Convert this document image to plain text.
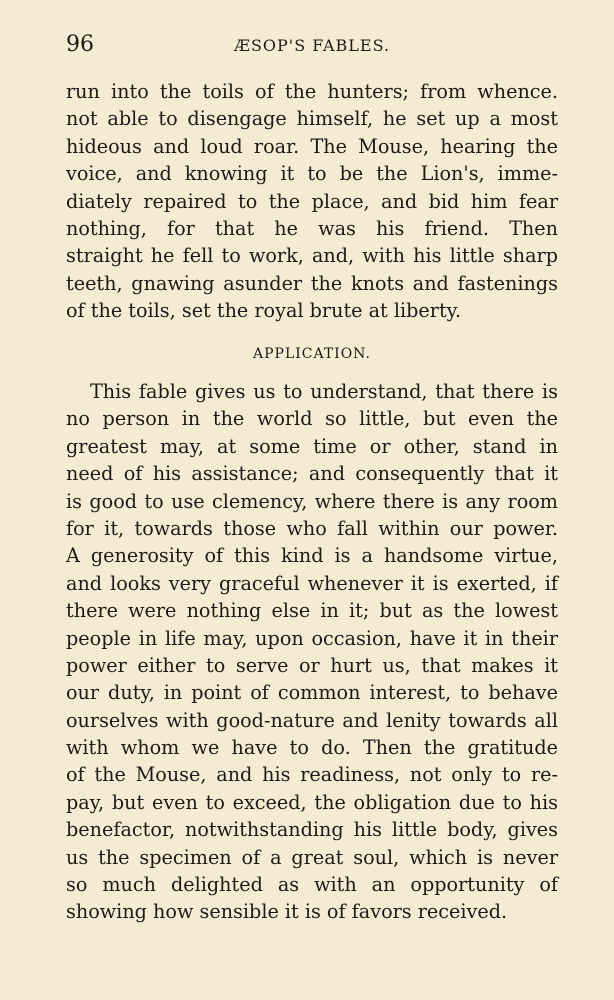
96	ÆSOP'S FABLES.
run into the toils of the hunters; from whence.
not able to disengage himself, he set up a most
hideous and loud roar. The Mouse, hearing the
voice, and knowing it to be the Lion's, imme-
diately repaired to the place, and bid him fear
nothing, for that he was his friend. Then
straight he fell to work, and, with his little sharp
teeth, gnawing asunder the knots and fastenings
of the toils, set the royal brute at liberty.
APPLICATION.
This fable gives us to understand, that there is
no person in the world so little, but even the
greatest may, at some time or other, stand in
need of his assistance; and consequently that it
is good to use clemency, where there is any room
for it, towards those who fall within our power.
A generosity of this kind is a handsome virtue,
and looks very graceful whenever it is exerted, if
there were nothing else in it; but as the lowest
people in life may, upon occasion, have it in their
power either to serve or hurt us, that makes it
our duty, in point of common interest, to behave
ourselves with good-nature and lenity towards all
with whom we have to do. Then the gratitude
of the Mouse, and his readiness, not only to re-
pay, but even to exceed, the obligation due to his
benefactor, notwithstanding his little body, gives
us the specimen of a great soul, which is never
so much delighted as with an opportunity of
showing how sensible it is of favors received.
